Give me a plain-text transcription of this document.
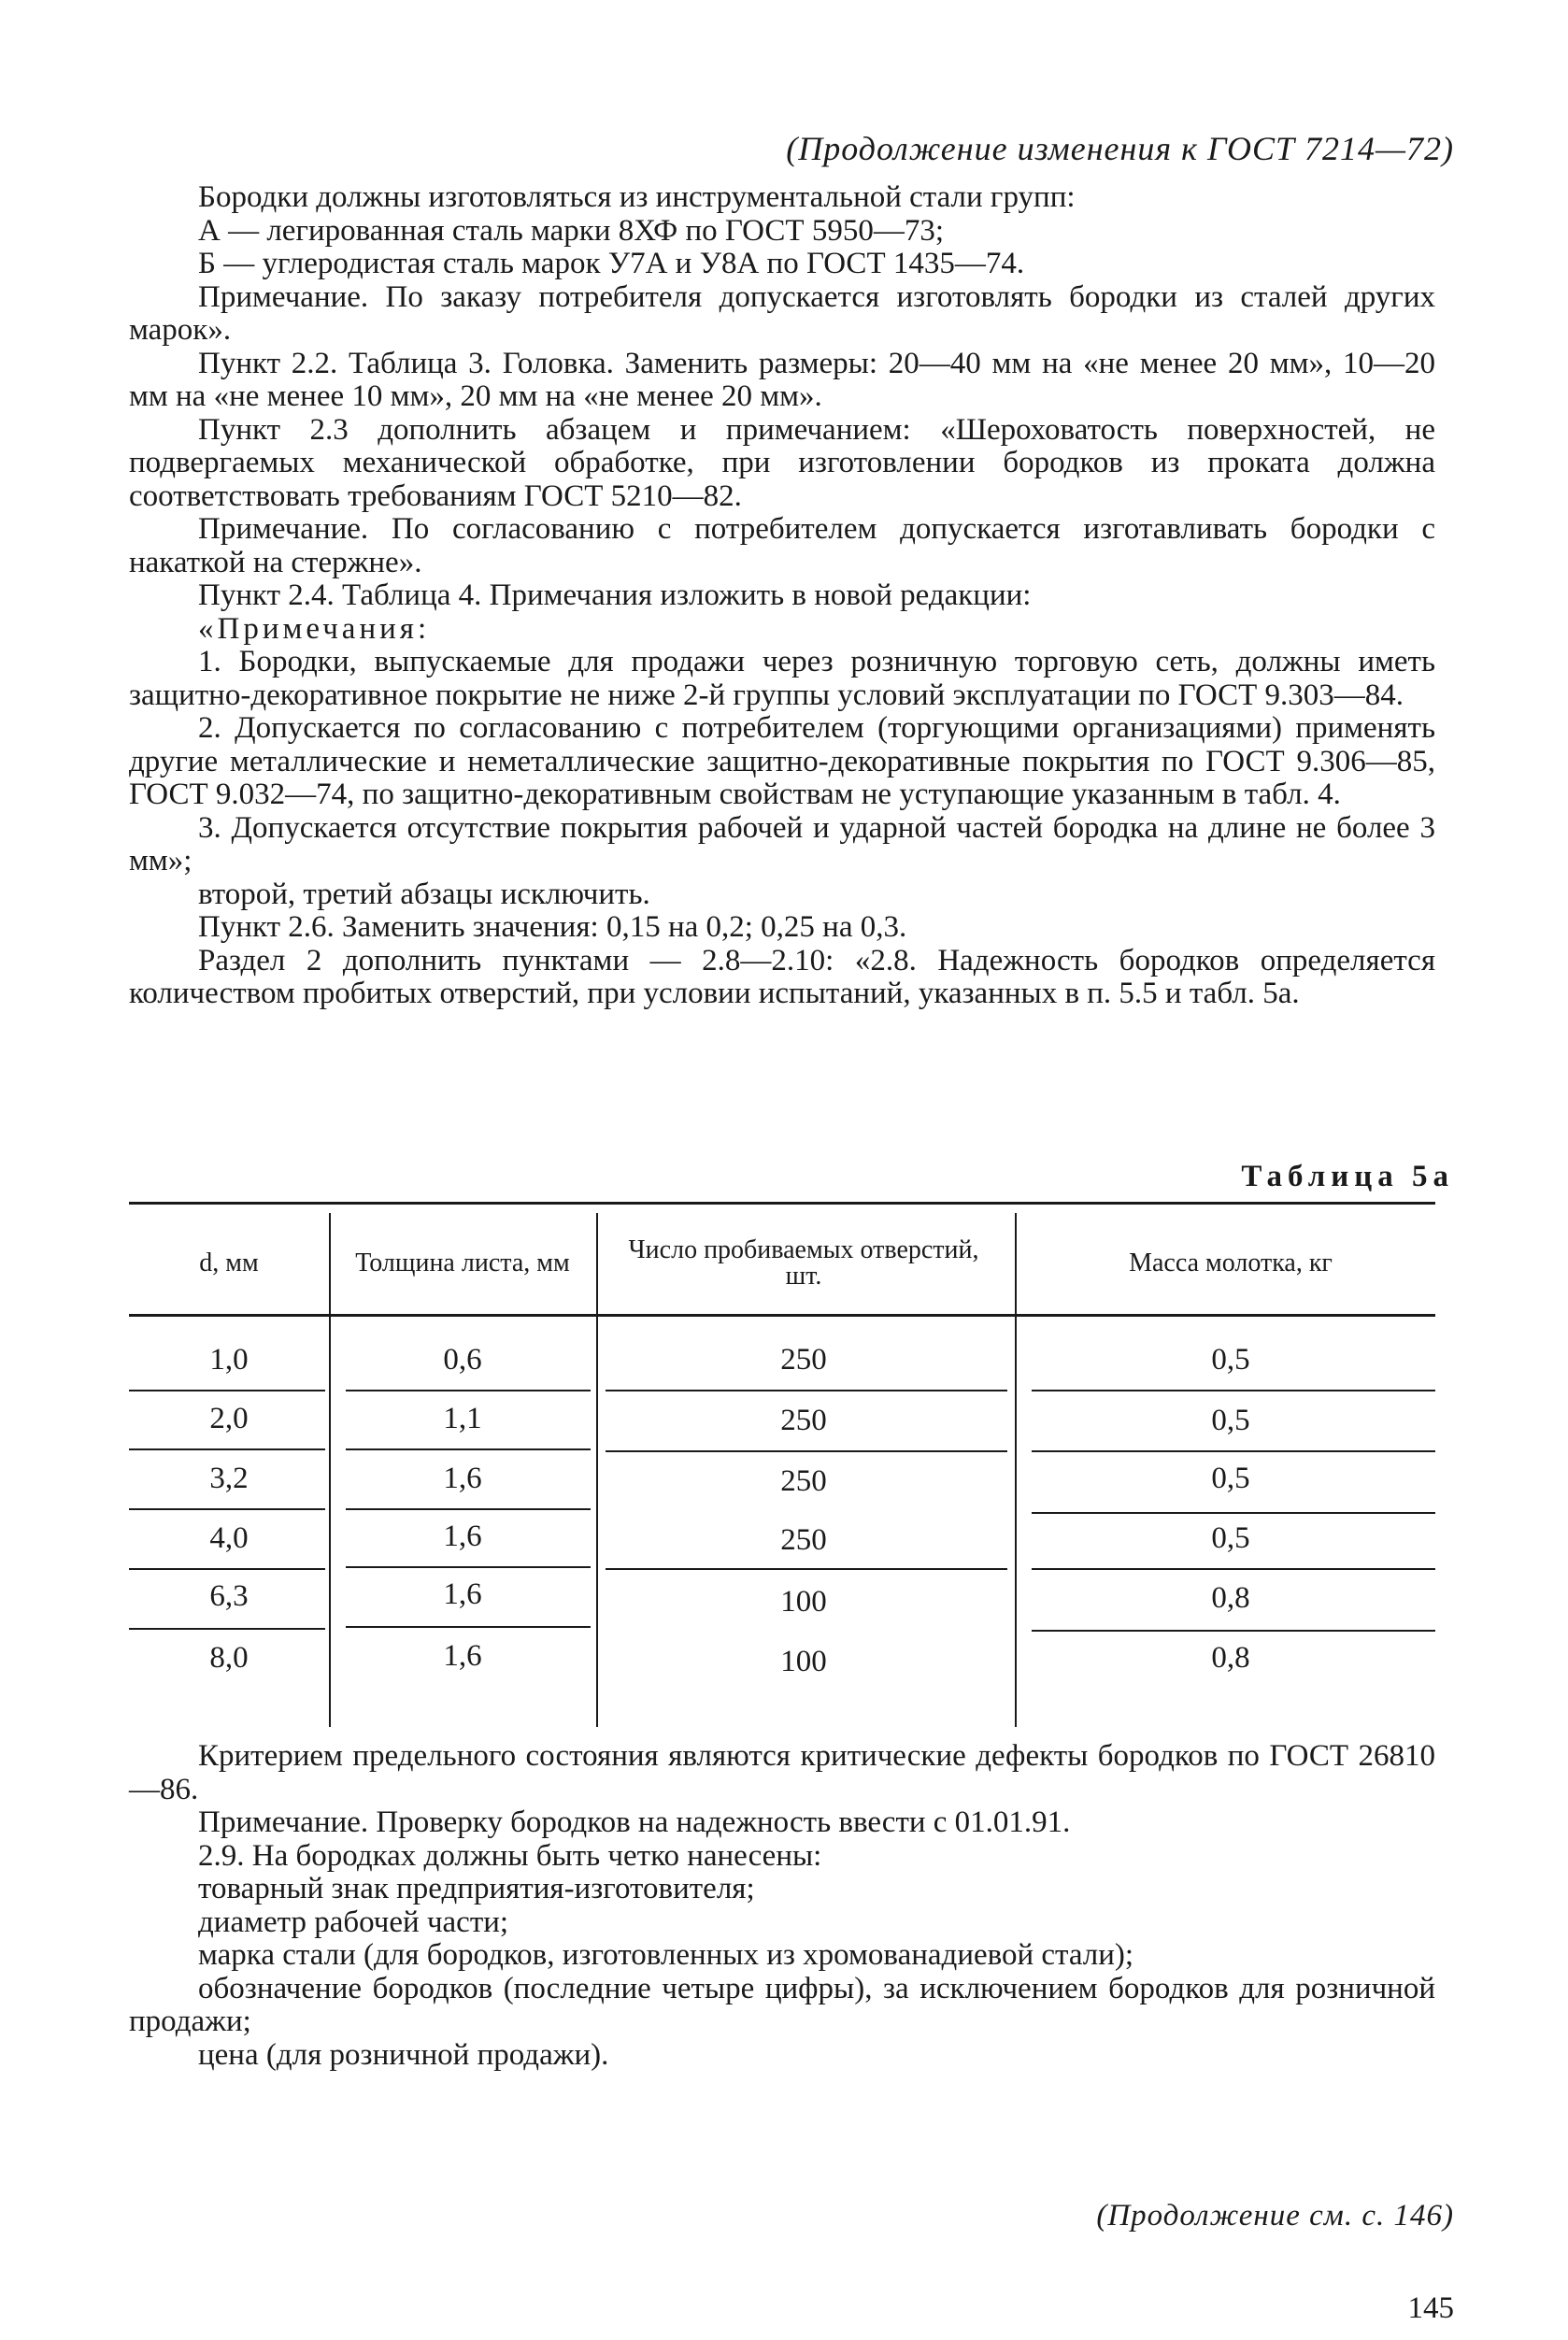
(Продолжение изменения к ГОСТ 7214—72)

Бородки должны изготовляться из инструментальной стали групп:

А — легированная сталь марки 8ХФ по ГОСТ 5950—73;

Б — углеродистая сталь марок У7А и У8А по ГОСТ 1435—74.

Примечание. По заказу потребителя допускается изготовлять бородки из сталей других марок».

Пункт 2.2. Таблица 3. Головка. Заменить размеры: 20—40 мм на «не менее 20 мм», 10—20 мм на «не менее 10 мм», 20 мм на «не менее 20 мм».

Пункт 2.3 дополнить абзацем и примечанием: «Шероховатость поверхностей, не подвергаемых механической обработке, при изготовлении бородков из проката должна соответствовать требованиям ГОСТ 5210—82.

Примечание. По согласованию с потребителем допускается изготавливать бородки с накаткой на стержне».

Пункт 2.4. Таблица 4. Примечания изложить в новой редакции:

«Примечания:

1. Бородки, выпускаемые для продажи через розничную торговую сеть, должны иметь защитно-декоративное покрытие не ниже 2-й группы условий эксплуатации по ГОСТ 9.303—84.

2. Допускается по согласованию с потребителем (торгующими организациями) применять другие металлические и неметаллические защитно-декоративные покрытия по ГОСТ 9.306—85, ГОСТ 9.032—74, по защитно-декоративным свойствам не уступающие указанным в табл. 4.

3. Допускается отсутствие покрытия рабочей и ударной частей бородка на длине не более 3 мм»;

второй, третий абзацы исключить.

Пункт 2.6. Заменить значения: 0,15 на 0,2; 0,25 на 0,3.

Раздел 2 дополнить пунктами — 2.8—2.10: «2.8. Надежность бородков определяется количеством пробитых отверстий, при условии испытаний, указанных в п. 5.5 и табл. 5а.

Таблица 5а
d, мм	Толщина листа, мм	Число пробиваемых отверстий, шт.	Масса молотка, кг
1,0	0,6	250	0,5
2,0	1,1	250	0,5
3,2	1,6	250	0,5
4,0	1,6	250	0,5
6,3	1,6	100	0,8
8,0	1,6	100	0,8

Критерием предельного состояния являются критические дефекты бородков по ГОСТ 26810—86.

Примечание. Проверку бородков на надежность ввести с 01.01.91.

2.9. На бородках должны быть четко нанесены:

товарный знак предприятия-изготовителя;

диаметр рабочей части;

марка стали (для бородков, изготовленных из хромованадиевой стали);

обозначение бородков (последние четыре цифры), за исключением бородков для розничной продажи;

цена (для розничной продажи).

(Продолжение см. с. 146)
145
